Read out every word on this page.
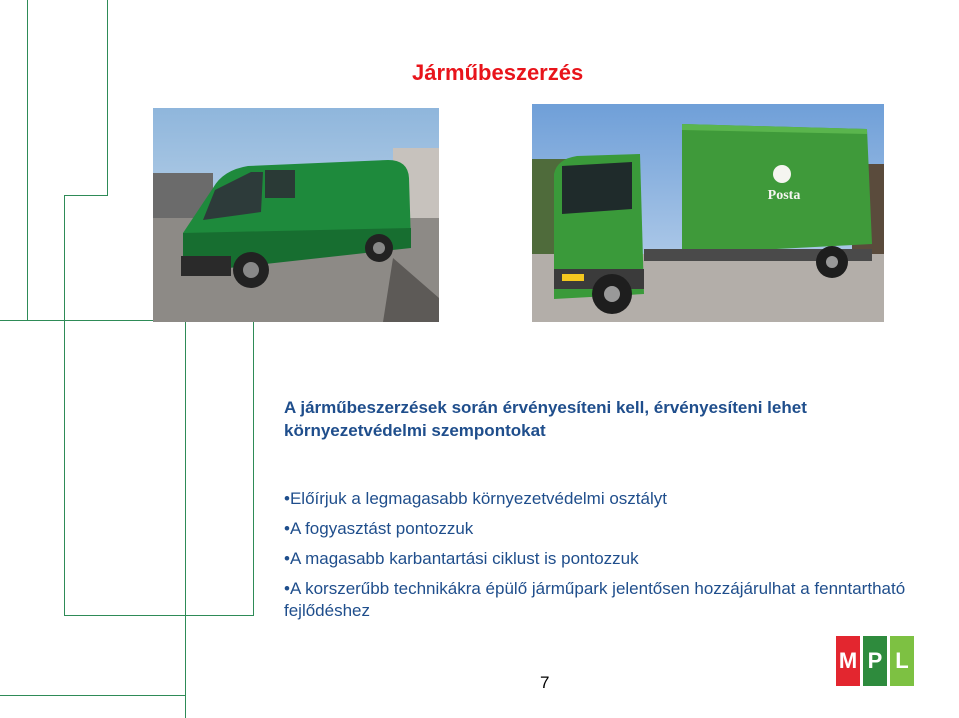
Járműbeszerzés
Posta
A járműbeszerzések során érvényesíteni kell, érvényesíteni lehet környezetvédelmi szempontokat
•Előírjuk a legmagasabb környezetvédelmi osztályt
•A fogyasztást pontozzuk
•A magasabb karbantartási ciklust is pontozzuk
•A korszerűbb technikákra épülő járműpark jelentősen hozzájárulhat a fenntartható fejlődéshez
7
M P L
